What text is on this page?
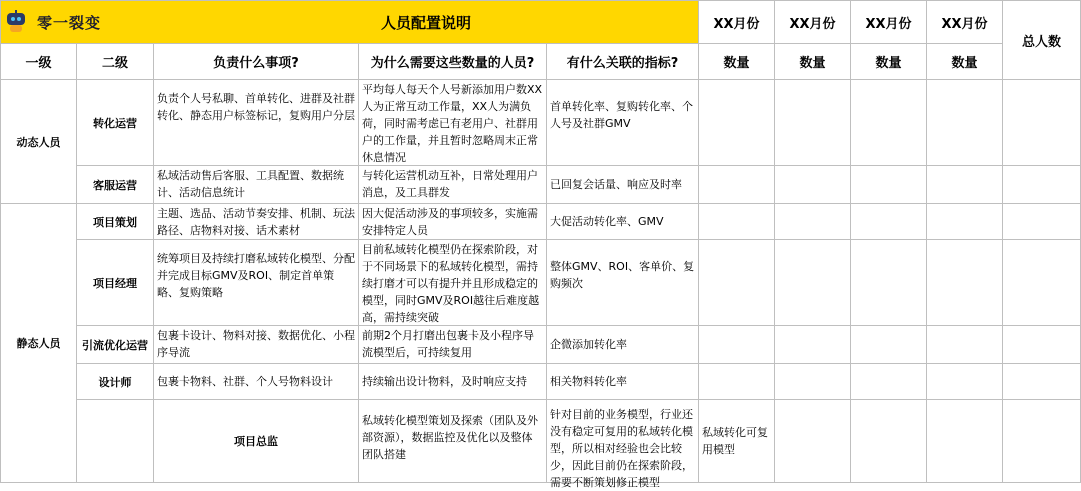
零一裂变 人员配置说明					XX月份	XX月份	XX月份	XX月份	总人数	
一级	二级	负责什么事项?	为什么需要这些数量的人员?	有什么关联的指标?	数量	数量	数量	数量		
动态人员	转化运营	负责个人号私聊、首单转化、进群及社群转化、静态用户标签标记，复购用户分层	平均每人每天个人号新添加用户数XX人为正常互动工作量，XX人为满负荷，同时需考虑已有老用户、社群用户的工作量，并且暂时忽略周末正常休息情况	首单转化率、复购转化率、个人号及社群GMV						
	客服运营	私域活动售后客服、工具配置、数据统计、活动信息统计	与转化运营机动互补，日常处理用户消息，及工具群发	已回复会话量、响应及时率						
静态人员	项目策划	主题、选品、活动节奏安排、机制、玩法路径、店物料对接、话术素材	因大促活动涉及的事项较多，实施需安排特定人员	大促活动转化率、GMV						
	项目经理	统筹项目及持续打磨私域转化模型、分配并完成目标GMV及ROI、制定首单策略、复购策略	目前私域转化模型仍在探索阶段，对于不同场景下的私域转化模型，需持续打磨才可以有提升并且形成稳定的模型，同时GMV及ROI越往后难度越高，需持续突破	整体GMV、ROI、客单价、复购频次						
	引流优化运营	包裹卡设计、物料对接、数据优化、小程序导流	前期2个月打磨出包裹卡及小程序导流模型后，可持续复用	企微添加转化率						
	设计师	包裹卡物料、社群、个人号物料设计	持续输出设计物料，及时响应支持	相关物料转化率						
		项目总监	私域转化模型策划及探索（团队及外部资源），数据监控及优化以及整体团队搭建	针对目前的业务模型，行业还没有稳定可复用的私域转化模型，所以相对经验也会比较少，因此目前仍在探索阶段，需要不断策划修正模型	私域转化可复用模型					
